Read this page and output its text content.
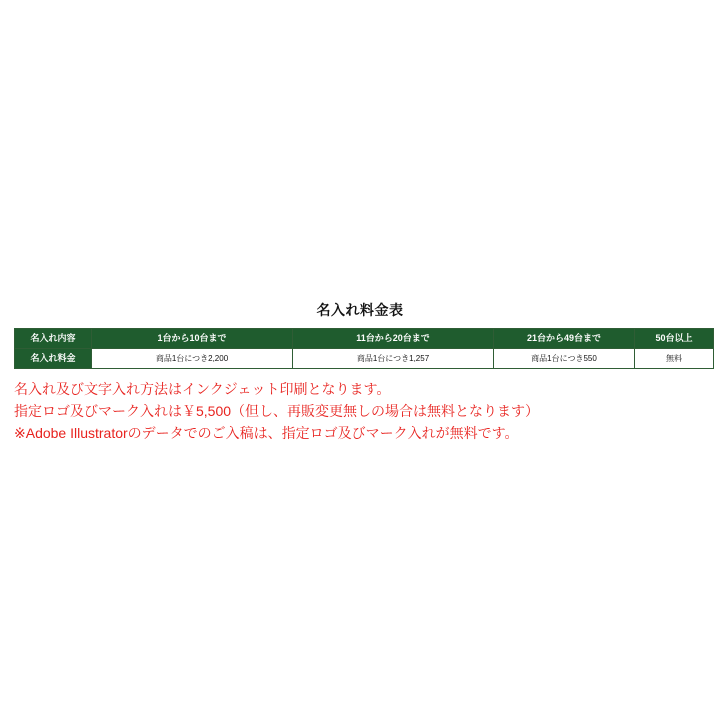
名入れ料金表
名入れ内容	1台から10台まで	11台から20台まで	21台から49台まで	50台以上
名入れ料金	商品1台につき2,200	商品1台につき1,257	商品1台につき550	無料
名入れ及び文字入れ方法はインクジェット印刷となります。
指定ロゴ及びマーク入れは￥5,500（但し、再販変更無しの場合は無料となります）
※Adobe Illustratorのデータでのご入稿は、指定ロゴ及びマーク入れが無料です。
